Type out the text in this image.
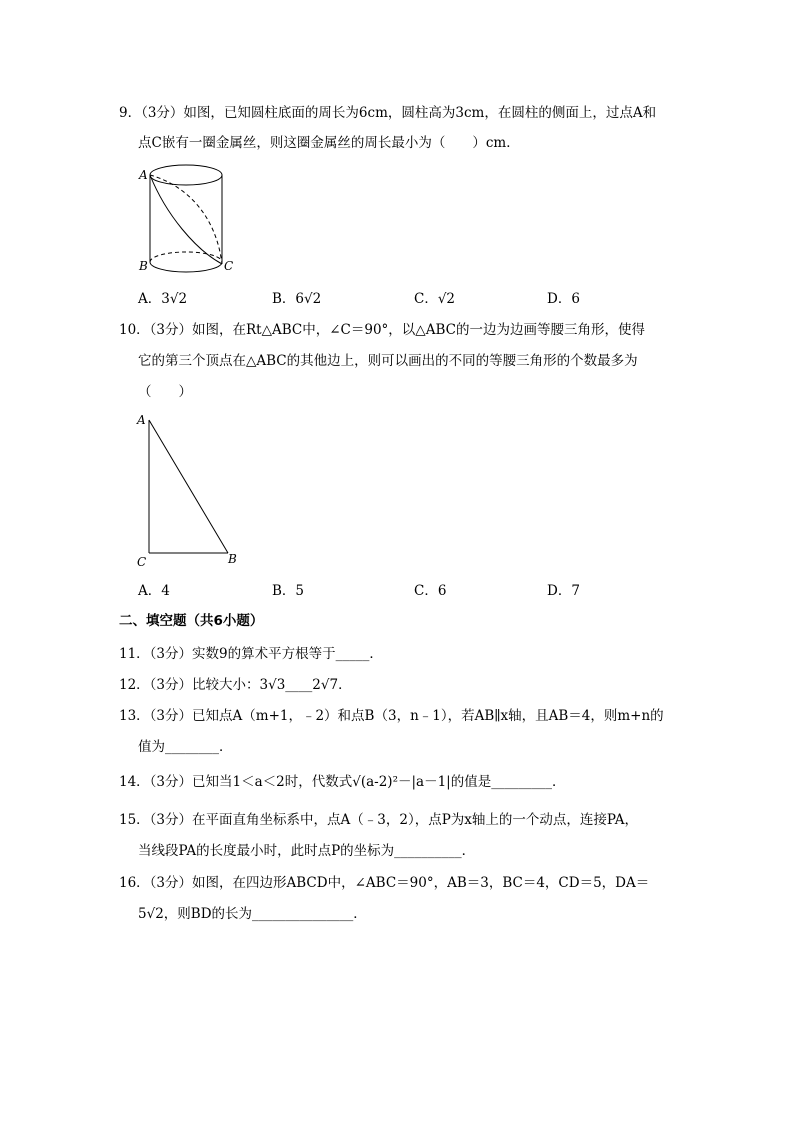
9．（3分）如图，已知圆柱底面的周长为6cm，圆柱高为3cm，在圆柱的侧面上，过点A和
点C嵌有一圈金属丝，则这圈金属丝的周长最小为（　　）cm．
A
B	C
A．3√2	B．6√2	C．√2	D．6
10．（3分）如图，在Rt△ABC中，∠C＝90°，以△ABC的一边为边画等腰三角形，使得
它的第三个顶点在△ABC的其他边上，则可以画出的不同的等腰三角形的个数最多为
（　　）
A
B
C
A．4	B．5	C．6	D．7
二、填空题（共6小题）
11．（3分）实数9的算术平方根等于_____．
12．（3分）比较大小：3√3____2√7．
13．（3分）已知点A（m+1，﹣2）和点B（3，n﹣1），若AB∥x轴，且AB＝4，则m+n的
值为________．
14．（3分）已知当1＜a＜2时，代数式√(a-2)²－|a－1|的值是_________．
15．（3分）在平面直角坐标系中，点A（﹣3，2），点P为x轴上的一个动点，连接PA，
当线段PA的长度最小时，此时点P的坐标为__________．
16．（3分）如图，在四边形ABCD中，∠ABC＝90°，AB＝3，BC＝4，CD＝5，DA＝
5√2，则BD的长为_______________．
